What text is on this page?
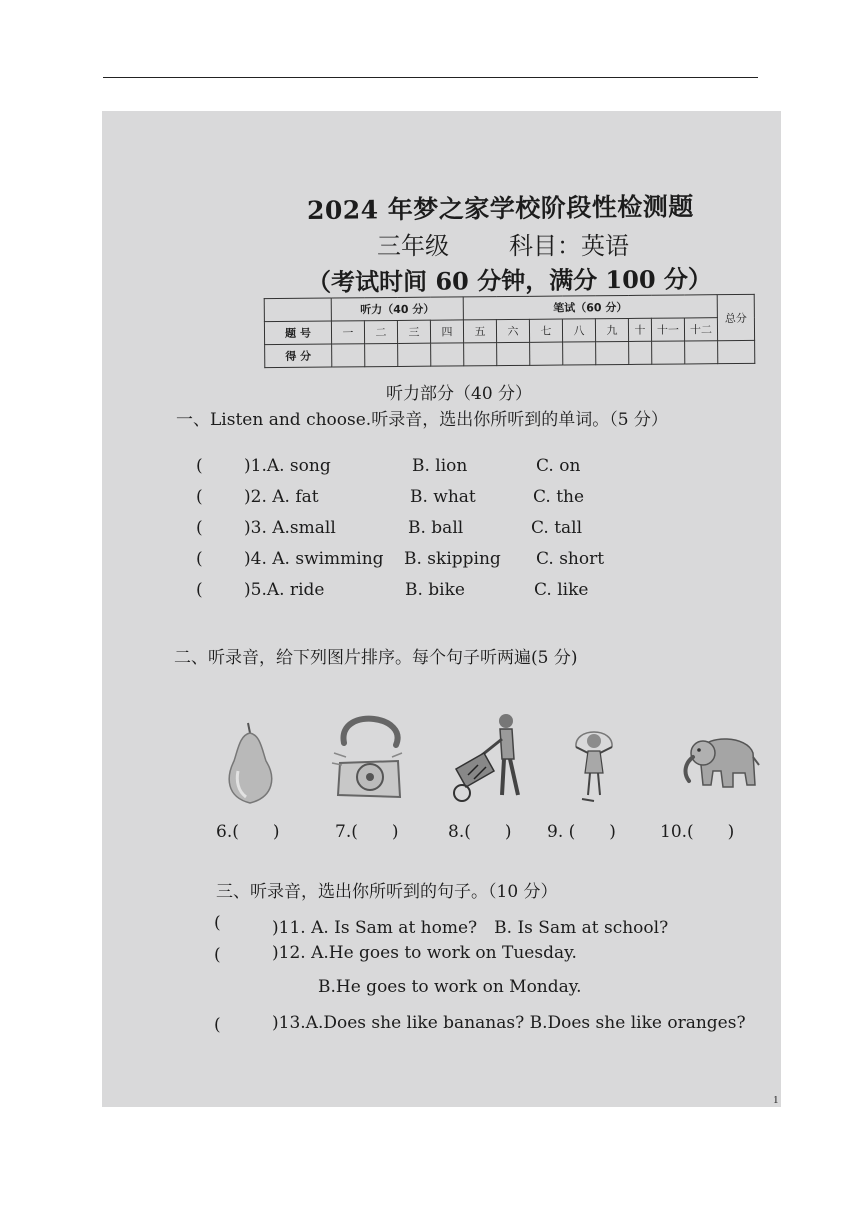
2024 年梦之家学校阶段性检测题
三年级	科目：英语
（考试时间 60 分钟，满分 100 分）
	听力（40 分）				笔试（60 分）								总分
题 号	一	二	三	四	五	六	七	八	九	十	十一	十二	
得 分													
听力部分（40 分）
一、Listen and choose.听录音，选出你所听到的单词。（5 分）
( )1.A. song	B. lion	C. on
( )2. A. fat	B. what	C. the
( )3. A.small	B. ball	C. tall
( )4. A. swimming B. skipping C. short
( )5.A. ride	B. bike	C. like
二、听录音，给下列图片排序。每个句子听两遍(5 分)
6.(　　)	7.(　　)	8.(　　) 9. (　　)	10.(　　)
三、听录音，选出你所听到的句子。（10 分）
(	)11. A. Is Sam at home?　B. Is Sam at school?
(	)12. A.He goes to work on Tuesday.
B.He goes to work on Monday.
(	)13.A.Does she like bananas? B.Does she like oranges?
1
